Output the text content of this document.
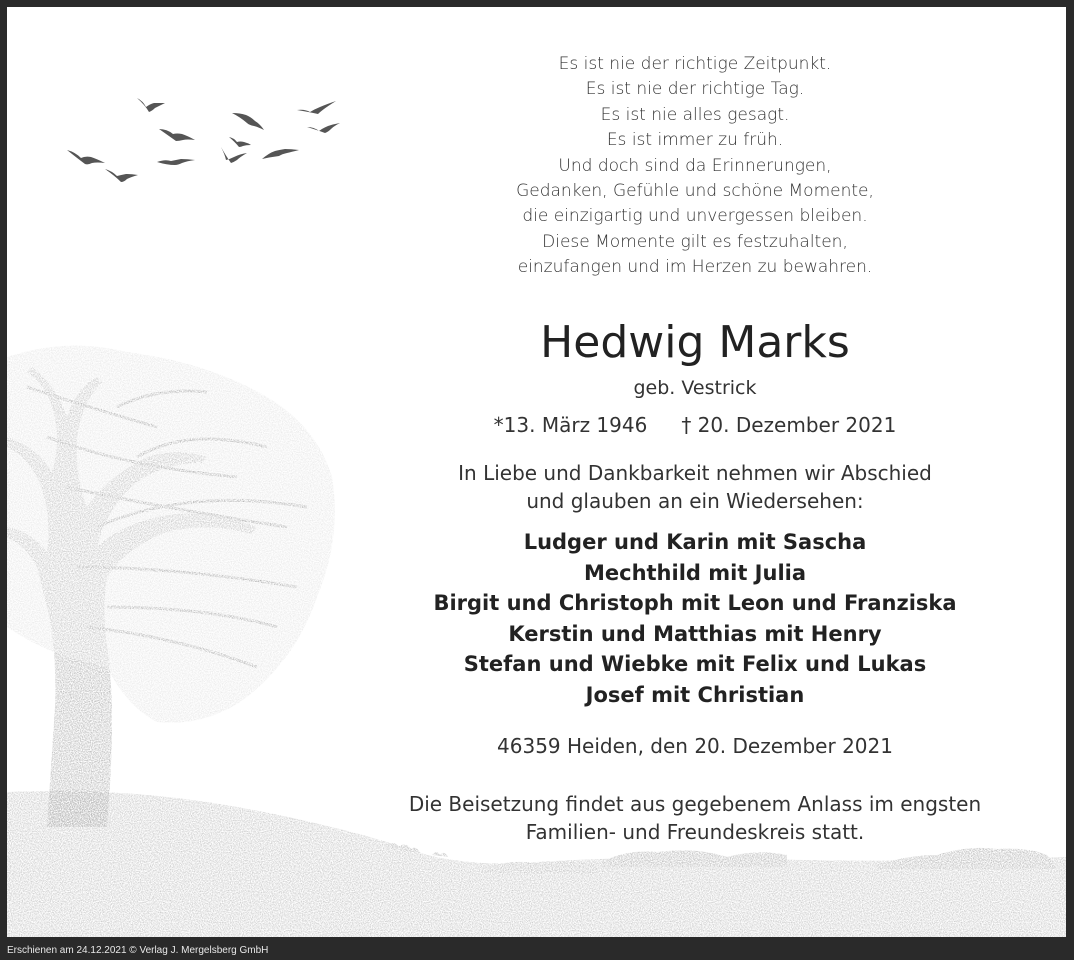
Es ist nie der richtige Zeitpunkt.
Es ist nie der richtige Tag.
Es ist nie alles gesagt.
Es ist immer zu früh.
Und doch sind da Erinnerungen,
Gedanken, Gefühle und schöne Momente,
die einzigartig und unvergessen bleiben.
Diese Momente gilt es festzuhalten,
einzufangen und im Herzen zu bewahren.
Hedwig Marks
geb. Vestrick
*13. März 1946 † 20. Dezember 2021
In Liebe und Dankbarkeit nehmen wir Abschied
und glauben an ein Wiedersehen:
Ludger und Karin mit Sascha
Mechthild mit Julia
Birgit und Christoph mit Leon und Franziska
Kerstin und Matthias mit Henry
Stefan und Wiebke mit Felix und Lukas
Josef mit Christian
46359 Heiden, den 20. Dezember 2021
Die Beisetzung findet aus gegebenem Anlass im engsten
Familien- und Freundeskreis statt.
Erschienen am 24.12.2021 © Verlag J. Mergelsberg GmbH
